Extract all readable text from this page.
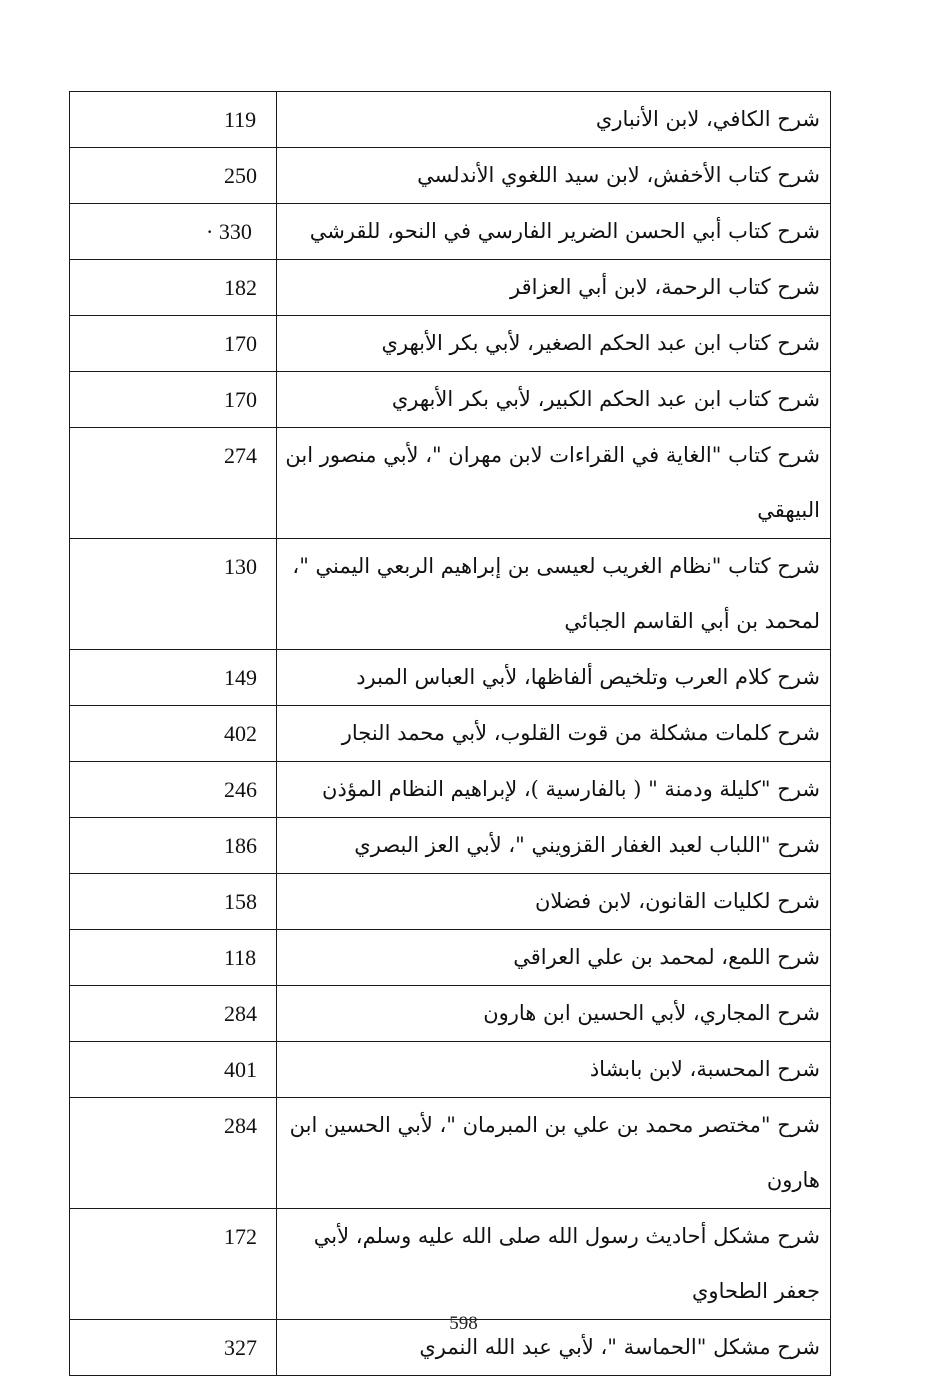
شرح الكافي، لابن الأنباري	119
شرح كتاب الأخفش، لابن سيد اللغوي الأندلسي	250
شرح كتاب أبي الحسن الضرير الفارسي في النحو، للقرشي	· 330
شرح كتاب الرحمة، لابن أبي العزاقر	182
شرح كتاب ابن عبد الحكم الصغير، لأبي بكر الأبهري	170
شرح كتاب ابن عبد الحكم الكبير، لأبي بكر الأبهري	170
شرح كتاب "الغاية في القراءات لابن مهران "، لأبي منصور ابن البيهقي	274
شرح كتاب "نظام الغريب لعيسى بن إبراهيم الربعي اليمني "، لمحمد بن أبي القاسم الجبائي	130
شرح كلام العرب وتلخيص ألفاظها، لأبي العباس المبرد	149
شرح كلمات مشكلة من قوت القلوب، لأبي محمد النجار	402
شرح "كليلة ودمنة " ( بالفارسية )، لإبراهيم النظام المؤذن	246
شرح "اللباب لعبد الغفار القزويني "، لأبي العز البصري	186
شرح لكليات القانون، لابن فضلان	158
شرح اللمع، لمحمد بن علي العراقي	118
شرح المجاري، لأبي الحسين ابن هارون	284
شرح المحسبة، لابن بابشاذ	401
شرح "مختصر محمد بن علي بن المبرمان "، لأبي الحسين ابن هارون	284
شرح مشكل أحاديث رسول الله صلى الله عليه وسلم، لأبي جعفر الطحاوي	172
شرح مشكل "الحماسة "، لأبي عبد الله النمري	327
598
